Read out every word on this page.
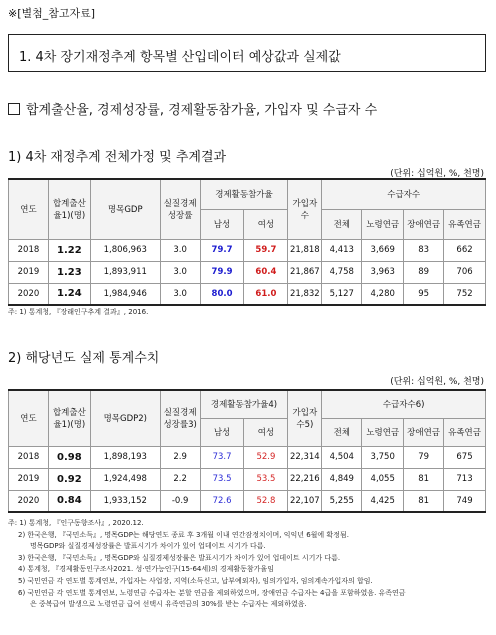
※[별첨_참고자료]
1. 4차 장기재정추계 항목별 산입데이터 예상값과 실제값
합계출산율, 경제성장률, 경제활동참가율, 가입자 및 수급자 수
1) 4차 재정추계 전체가정 및 추계결과
(단위: 십억원, %, 천명)
연도	합계출산율1)(명)	명목GDP	실질경제성장률	경제활동참가율		가입자수	수급자수			
				남성	여성		전체	노령연금	장애연금	유족연금
2018	1.22	1,806,963	3.0	79.7	59.7	21,818	4,413	3,669	83	662
2019	1.23	1,893,911	3.0	79.9	60.4	21,867	4,758	3,963	89	706
2020	1.24	1,984,946	3.0	80.0	61.0	21,832	5,127	4,280	95	752
주: 1) 통계청, 『장래인구추계 결과』, 2016.
2) 해당년도 실제 통계수치
(단위: 십억원, %, 천명)
연도	합계출산율1)(명)	명목GDP2)	실질경제성장률3)	경제활동참가율4)		가입자수5)	수급자수6)			
				남성	여성		전체	노령연금	장애연금	유족연금
2018	0.98	1,898,193	2.9	73.7	52.9	22,314	4,504	3,750	79	675
2019	0.92	1,924,498	2.2	73.5	53.5	22,216	4,849	4,055	81	713
2020	0.84	1,933,152	-0.9	72.6	52.8	22,107	5,255	4,425	81	749

주: 1) 통계청, 『인구동향조사』, 2020.12.

2) 한국은행, 『국민소득』, 명목GDP는 해당연도 종료 후 3개월 이내 연간잠정치이며, 익익년 6월에 확정됨.

명목GDP와 실질경제성장률은 발표시기가 차이가 있어 업데이트 시기가 다름.

3) 한국은행, 『국민소득』, 명목GDP와 실질경제성장률은 발표시기가 차이가 있어 업데이트 시기가 다름.

4) 통계청, 『경제활동인구조사2021. 성·연가능인구(15-64세)의 경제활동참가율임

5) 국민연금 각 연도별 통계연보, 가입자는 사업장, 지역(소득신고, 납부예외자), 임의가입자, 임의계속가입자의 합임.

6) 국민연금 각 연도별 통계연보, 노령연금 수급자는 분할 연금을 제외하였으며, 장애연금 수급자는 4급을 포함하였음. 유족연금

은 중복급여 발생으로 노령연금 급여 선택시 유족연금의 30%를 받는 수급자는 제외하였음.
